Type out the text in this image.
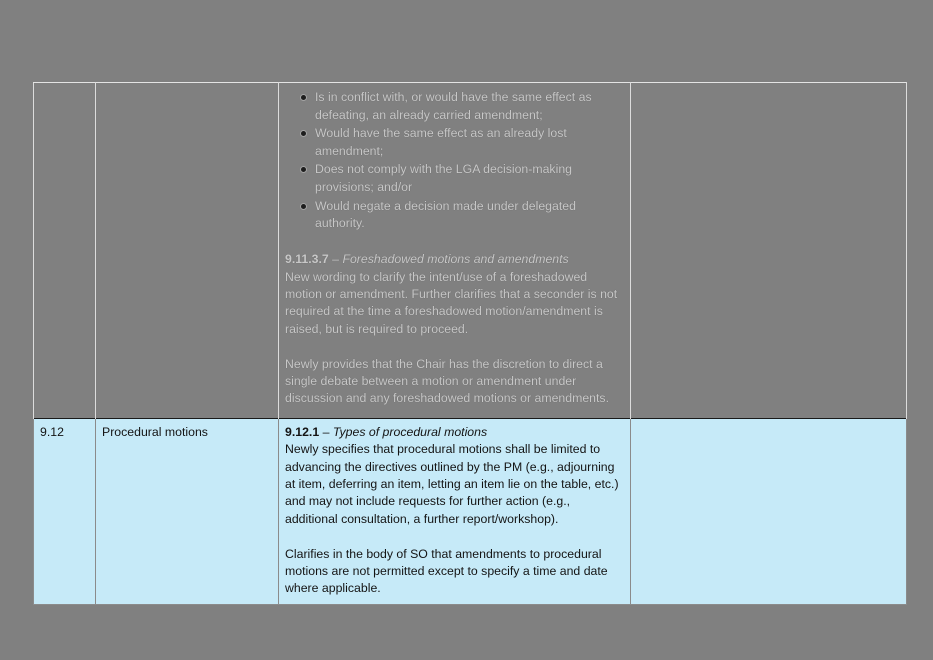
Is in conflict with, or would have the same effect as defeating, an already carried amendment;
Would have the same effect as an already lost amendment;
Does not comply with the LGA decision-making provisions; and/or
Would negate a decision made under delegated authority.

9.11.3.7 – Foreshadowed motions and amendments

New wording to clarify the intent/use of a foreshadowed motion or amendment. Further clarifies that a seconder is not required at the time a foreshadowed motion/amendment is raised, but is required to proceed.

Newly provides that the Chair has the discretion to direct a single debate between a motion or amendment under discussion and any foreshadowed motions or amendments.

9.12	Procedural motions	9.12.1 – Types of procedural motions

Newly specifies that procedural motions shall be limited to advancing the directives outlined by the PM (e.g., adjourning at item, deferring an item, letting an item lie on the table, etc.) and may not include requests for further action (e.g., additional consultation, a further report/workshop).

Clarifies in the body of SO that amendments to procedural motions are not permitted except to specify a time and date where applicable.	
